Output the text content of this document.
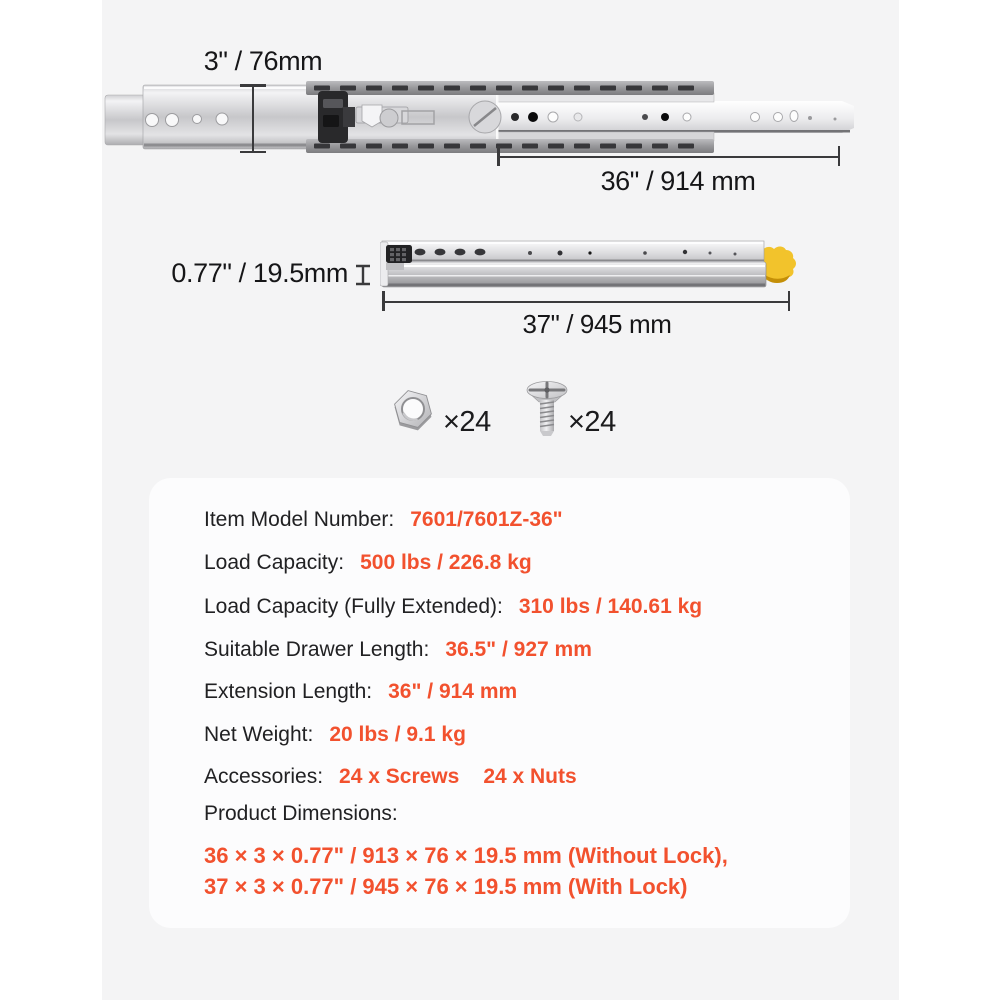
3" / 76mm
36" / 914 mm
0.77" / 19.5mm
37" / 945 mm
×24	×24
Item Model Number: 7601/7601Z-36"
Load Capacity: 500 lbs / 226.8 kg
Load Capacity (Fully Extended): 310 lbs / 140.61 kg
Suitable Drawer Length: 36.5" / 927 mm
Extension Length: 36" / 914 mm
Net Weight: 20 lbs / 9.1 kg
Accessories: 24 x Screws 24 x Nuts
Product Dimensions:
36 × 3 × 0.77" / 913 × 76 × 19.5 mm (Without Lock),
37 × 3 × 0.77" / 945 × 76 × 19.5 mm (With Lock)
